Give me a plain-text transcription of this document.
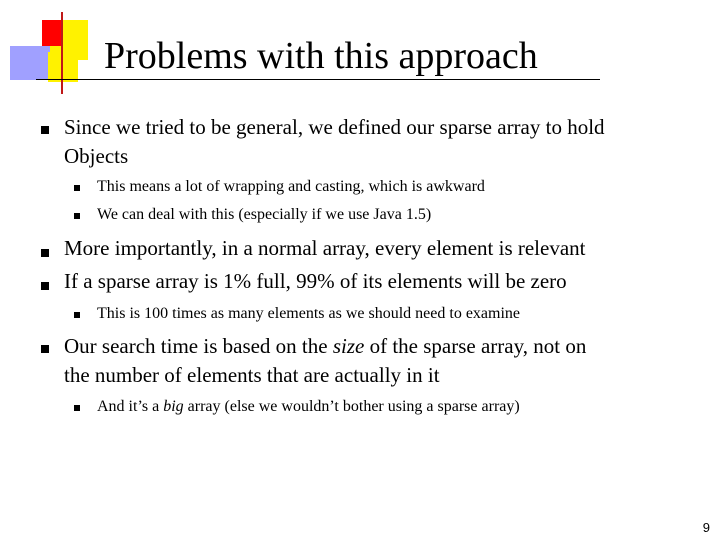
Problems with this approach
Since we tried to be general, we defined our sparse array to hold
Objects
This means a lot of wrapping and casting, which is awkward
We can deal with this (especially if we use Java 1.5)
More importantly, in a normal array, every element is relevant
If a sparse array is 1% full, 99% of its elements will be zero
This is 100 times as many elements as we should need to examine
Our search time is based on the size of the sparse array, not on
the number of elements that are actually in it
And it’s a big array (else we wouldn’t bother using a sparse array)
9
